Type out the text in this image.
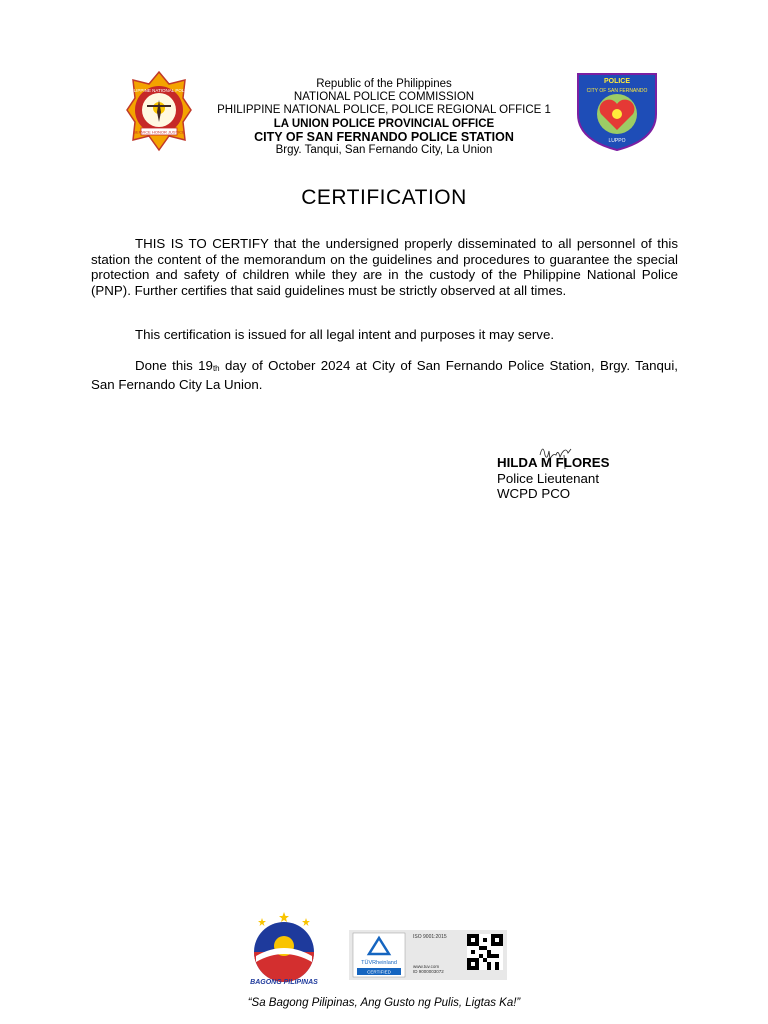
SERVICE HONOR JUSTICE
PHILIPPINE NATIONAL POLICE
Republic of the Philippines
NATIONAL POLICE COMMISSION
PHILIPPINE NATIONAL POLICE, POLICE REGIONAL OFFICE 1
LA UNION POLICE PROVINCIAL OFFICE
CITY OF SAN FERNANDO POLICE STATION
Brgy. Tanqui, San Fernando City, La Union
POLICE
CITY OF SAN FERNANDO
LUPPO
CERTIFICATION
THIS IS TO CERTIFY that the undersigned properly disseminated to all personnel of this station the content of the memorandum on the guidelines and procedures to guarantee the special protection and safety of children while they are in the custody of the Philippine National Police (PNP). Further certifies that said guidelines must be strictly observed at all times.
This certification is issued for all legal intent and purposes it may serve.
Done this $19_{th}$ day of October 2024 at City of San Fernando Police Station, Brgy. Tanqui, San Fernando City La Union.
HILDA M FLORES
Police Lieutenant
WCPD PCO
BAGONG PILIPINAS
TÜVRheinland
CERTIFIED
ISO 9001:2015
www.tuv.com
ID 9000003072
“Sa Bagong Pilipinas, Ang Gusto ng Pulis, Ligtas Ka!”
